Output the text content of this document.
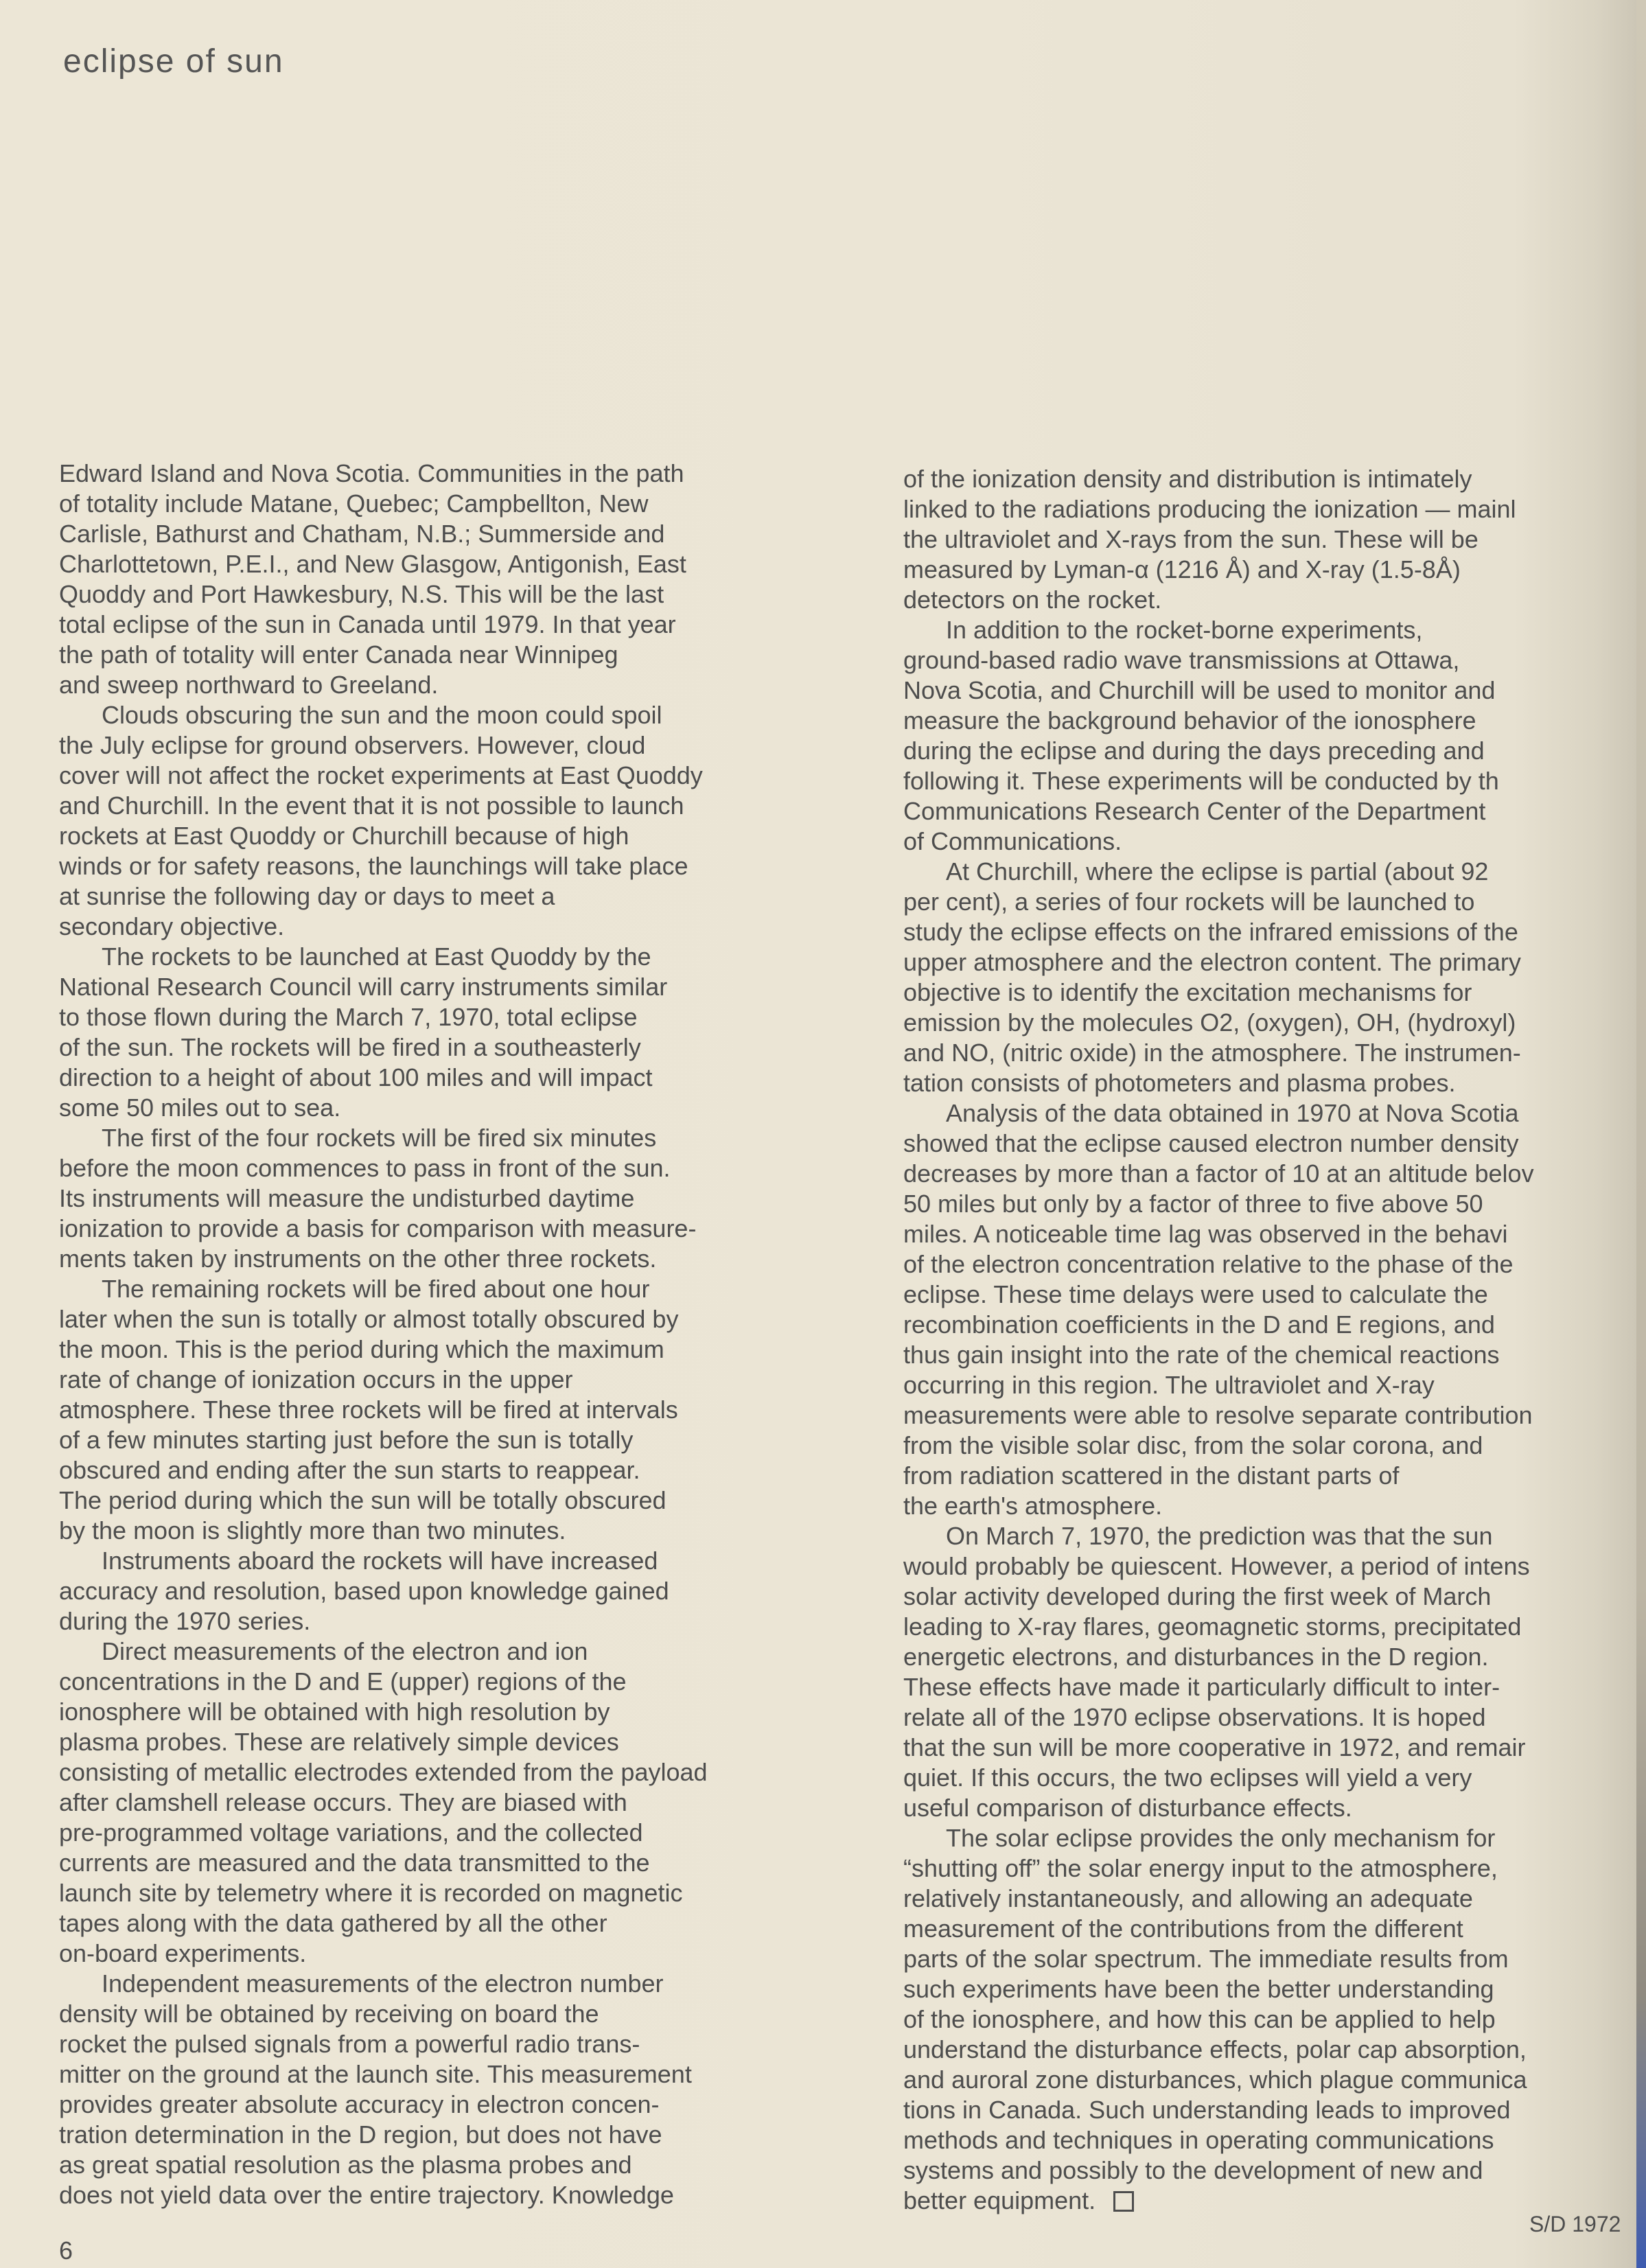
eclipse of sun
Edward Island and Nova Scotia. Communities in the path
of totality include Matane, Quebec; Campbellton, New
Carlisle, Bathurst and Chatham, N.B.; Summerside and
Charlottetown, P.E.I., and New Glasgow, Antigonish, East
Quoddy and Port Hawkesbury, N.S. This will be the last
total eclipse of the sun in Canada until 1979. In that year
the path of totality will enter Canada near Winnipeg
and sweep northward to Greeland.
Clouds obscuring the sun and the moon could spoil
the July eclipse for ground observers. However, cloud
cover will not affect the rocket experiments at East Quoddy
and Churchill. In the event that it is not possible to launch
rockets at East Quoddy or Churchill because of high
winds or for safety reasons, the launchings will take place
at sunrise the following day or days to meet a
secondary objective.
The rockets to be launched at East Quoddy by the
National Research Council will carry instruments similar
to those flown during the March 7, 1970, total eclipse
of the sun. The rockets will be fired in a southeasterly
direction to a height of about 100 miles and will impact
some 50 miles out to sea.
The first of the four rockets will be fired six minutes
before the moon commences to pass in front of the sun.
Its instruments will measure the undisturbed daytime
ionization to provide a basis for comparison with measure-
ments taken by instruments on the other three rockets.
The remaining rockets will be fired about one hour
later when the sun is totally or almost totally obscured by
the moon. This is the period during which the maximum
rate of change of ionization occurs in the upper
atmosphere. These three rockets will be fired at intervals
of a few minutes starting just before the sun is totally
obscured and ending after the sun starts to reappear.
The period during which the sun will be totally obscured
by the moon is slightly more than two minutes.
Instruments aboard the rockets will have increased
accuracy and resolution, based upon knowledge gained
during the 1970 series.
Direct measurements of the electron and ion
concentrations in the D and E (upper) regions of the
ionosphere will be obtained with high resolution by
plasma probes. These are relatively simple devices
consisting of metallic electrodes extended from the payload
after clamshell release occurs. They are biased with
pre-programmed voltage variations, and the collected
currents are measured and the data transmitted to the
launch site by telemetry where it is recorded on magnetic
tapes along with the data gathered by all the other
on-board experiments.
Independent measurements of the electron number
density will be obtained by receiving on board the
rocket the pulsed signals from a powerful radio trans-
mitter on the ground at the launch site. This measurement
provides greater absolute accuracy in electron concen-
tration determination in the D region, but does not have
as great spatial resolution as the plasma probes and
does not yield data over the entire trajectory. Knowledge
of the ionization density and distribution is intimately
linked to the radiations producing the ionization — mainl
the ultraviolet and X-rays from the sun. These will be
measured by Lyman-α (1216 Å) and X-ray (1.5-8Å)
detectors on the rocket.
In addition to the rocket-borne experiments,
ground-based radio wave transmissions at Ottawa,
Nova Scotia, and Churchill will be used to monitor and
measure the background behavior of the ionosphere
during the eclipse and during the days preceding and
following it. These experiments will be conducted by th
Communications Research Center of the Department
of Communications.
At Churchill, where the eclipse is partial (about 92
per cent), a series of four rockets will be launched to
study the eclipse effects on the infrared emissions of the
upper atmosphere and the electron content. The primary
objective is to identify the excitation mechanisms for
emission by the molecules O2, (oxygen), OH, (hydroxyl)
and NO, (nitric oxide) in the atmosphere. The instrumen-
tation consists of photometers and plasma probes.
Analysis of the data obtained in 1970 at Nova Scotia
showed that the eclipse caused electron number density
decreases by more than a factor of 10 at an altitude belov
50 miles but only by a factor of three to five above 50
miles. A noticeable time lag was observed in the behavi
of the electron concentration relative to the phase of the
eclipse. These time delays were used to calculate the
recombination coefficients in the D and E regions, and
thus gain insight into the rate of the chemical reactions
occurring in this region. The ultraviolet and X-ray
measurements were able to resolve separate contribution
from the visible solar disc, from the solar corona, and
from radiation scattered in the distant parts of
the earth's atmosphere.
On March 7, 1970, the prediction was that the sun
would probably be quiescent. However, a period of intens
solar activity developed during the first week of March
leading to X-ray flares, geomagnetic storms, precipitated
energetic electrons, and disturbances in the D region.
These effects have made it particularly difficult to inter-
relate all of the 1970 eclipse observations. It is hoped
that the sun will be more cooperative in 1972, and remair
quiet. If this occurs, the two eclipses will yield a very
useful comparison of disturbance effects.
The solar eclipse provides the only mechanism for
“shutting off” the solar energy input to the atmosphere,
relatively instantaneously, and allowing an adequate
measurement of the contributions from the different
parts of the solar spectrum. The immediate results from
such experiments have been the better understanding
of the ionosphere, and how this can be applied to help
understand the disturbance effects, polar cap absorption,
and auroral zone disturbances, which plague communica
tions in Canada. Such understanding leads to improved
methods and techniques in operating communications
systems and possibly to the development of new and
better equipment.
6
S/D 1972
